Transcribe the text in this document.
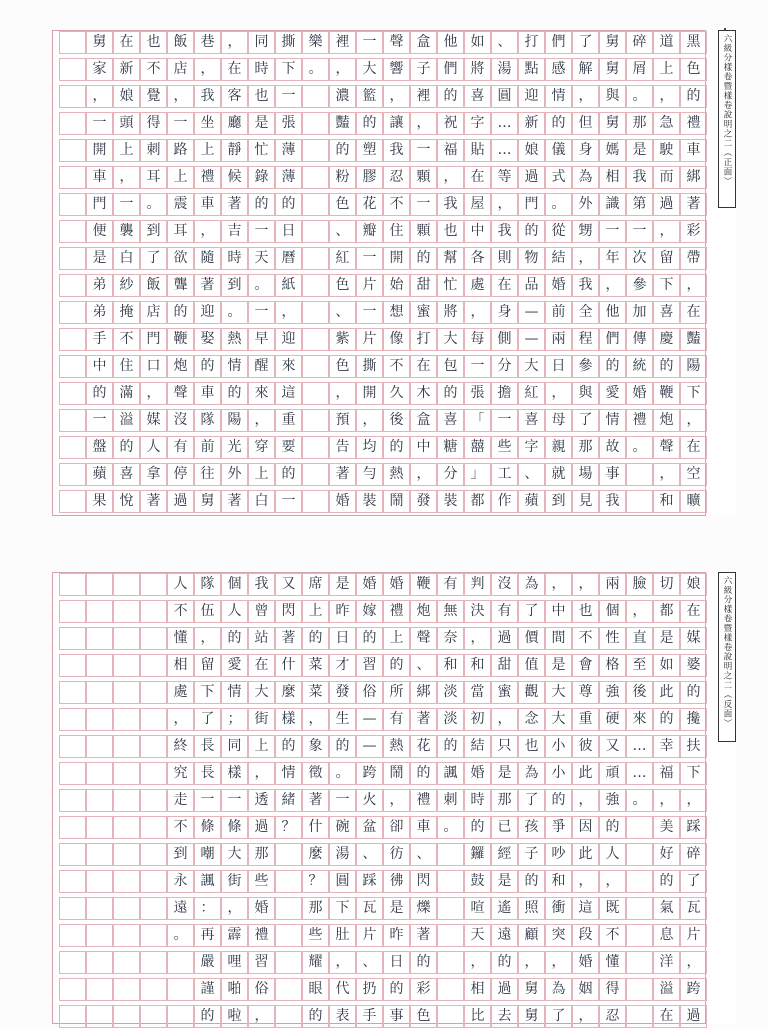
黑
色
的
禮
車
綁
著
彩
帶
，
在
豔
陽
下
，
在
空
曠
道
上
，
急
駛
而
過
，
留
下
喜
慶
的
鞭
炮
聲
，
和
碎
屑
。
那
是
我
第
一
次
參
加
傳
統
婚
禮
。
舅
舅
與
舅
媽
相
識
一
年
，
他
們
的
愛
情
故
事
我
了
解
，
但
身
為
外
甥
，
我
全
程
參
與
了
那
場
見
們
感
情
的
儀
式
。
從
結
婚
前
兩
日
，
母
親
就
到
打
點
迎
新
娘
過
門
的
物
品
—
—
大
紅
喜
字
、
蘋
、
湯
圓
…
…
等
，
我
則
在
身
側
分
擔
一
些
工
作
如
將
喜
字
貼
在
屋
中
各
處
，
每
一
張
「
囍
」
都
他
們
的
祝
福
，
我
也
幫
忙
將
大
包
的
喜
糖
分
裝
盒
子
裡
，
一
顆
一
顆
的
甜
蜜
打
在
木
盒
中
，
發
聲
響
，
讓
我
忍
不
住
開
始
想
像
不
久
後
的
熱
鬧
一
大
籃
的
塑
膠
花
瓣
一
片
一
片
撕
開
，
均
勻
裝
裡
，
濃
豔
的
粉
色
、
紅
色
、
紫
色
，
預
告
著
婚
樂
。
撕
下
一
張
薄
薄
的
日
曆
紙
，
迎
來
這
重
要
的
一
同
時
也
是
忙
錄
的
一
天
。
一
早
醒
來
，
穿
上
白
，
在
客
廳
靜
候
著
吉
時
到
。
熱
情
的
陽
光
外
著
巷
，
我
坐
上
禮
車
，
隨
著
迎
娶
的
車
隊
前
往
舅
飯
店
，
一
路
上
震
耳
欲
聾
的
鞭
炮
聲
沒
有
停
過
也
不
覺
得
刺
耳
。
到
了
飯
店
門
口
，
媒
人
拿
著
在
新
娘
頭
上
，
一
襲
白
紗
掩
不
住
滿
溢
的
喜
悅
舅
家
，
一
開
車
門
便
是
弟
弟
手
中
的
一
盤
蘋
果
六級分樣卷暨樣卷說明之二（正面）
娘
在
媒
婆
的
攙
扶
下
，
踩
碎
了
瓦
片
，
跨
過
切
都
是
如
此
的
幸
福
，
美
好
的
氣
息
洋
溢
在
臉
，
直
至
後
來
…
…
。
兩
個
性
格
強
硬
又
頑
強
的
人
，
既
不
懂
得
忍
，
也
不
會
尊
重
彼
此
，
因
此
，
這
段
婚
姻
，
，
中
間
是
大
大
小
小
的
爭
吵
和
衝
突
，
為
了
為
了
價
值
觀
念
也
為
了
孩
子
的
照
顧
，
舅
舅
沒
有
過
甜
蜜
，
只
是
那
已
經
是
遙
遠
的
過
去
判
決
，
和
當
初
結
婚
時
的
鑼
鼓
喧
天
，
相
比
有
無
奈
和
淡
淡
的
諷
刺
。
鞭
炮
聲
、
綁
著
花
的
禮
車
、
閃
爍
著
的
彩
色
婚
禮
上
的
所
有
熱
鬧
，
卻
彷
彿
是
昨
日
的
事
婚
嫁
的
習
俗
—
—
跨
火
盆
、
踩
瓦
片
、
扔
手
是
昨
日
才
發
生
的
。
一
碗
湯
圓
下
肚
，
代
表
席
上
的
菜
菜
，
象
徵
著
什
麼
？
那
些
耀
眼
的
又
閃
著
什
麼
樣
的
情
緒
？
我
曾
站
在
大
街
上
，
透
過
那
些
婚
禮
習
俗
，
個
人
的
愛
情
；
同
樣
一
條
大
街
，
霹
哩
啪
啦
隊
伍
，
留
下
了
長
長
一
條
嘲
諷
：
再
嚴
謹
的
人
不
懂
相
處
，
終
究
走
不
到
永
遠
。
六級分樣卷暨樣卷說明之二（反面）
